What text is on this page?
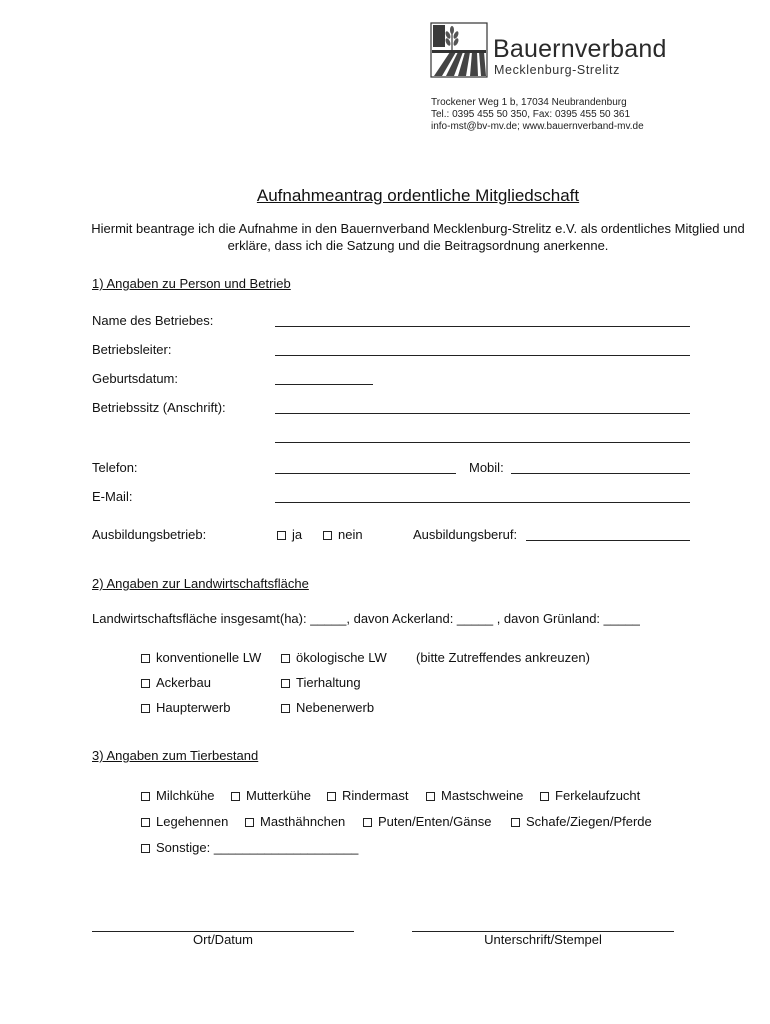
Bauernverband
Mecklenburg-Strelitz
Trockener Weg 1 b, 17034 Neubrandenburg
Tel.: 0395 455 50 350, Fax: 0395 455 50 361
info-mst@bv-mv.de; www.bauernverband-mv.de
Aufnahmeantrag ordentliche Mitgliedschaft
Hiermit beantrage ich die Aufnahme in den Bauernverband Mecklenburg-Strelitz e.V. als ordentliches Mitglied und erkläre, dass ich die Satzung und die Beitragsordnung anerkenne.
1) Angaben zu Person und Betrieb
Name des Betriebes:
Betriebsleiter:
Geburtsdatum:
Betriebssitz (Anschrift):
Telefon:	Mobil:
E-Mail:
Ausbildungsbetrieb:	ja	nein	Ausbildungsberuf:
2) Angaben zur Landwirtschaftsfläche
Landwirtschaftsfläche insgesamt(ha): _____, davon Ackerland: _____ , davon Grünland: _____
konventionelle LW	ökologische LW (bitte Zutreffendes ankreuzen)
Ackerbau	Tierhaltung
Haupterwerb	Nebenerwerb
3) Angaben zum Tierbestand
Milchkühe	Mutterkühe	Rindermast	Mastschweine	Ferkelaufzucht
Legehennen	Masthähnchen	Puten/Enten/Gänse	Schafe/Ziegen/Pferde
Sonstige: ____________________
Ort/Datum	Unterschrift/Stempel
